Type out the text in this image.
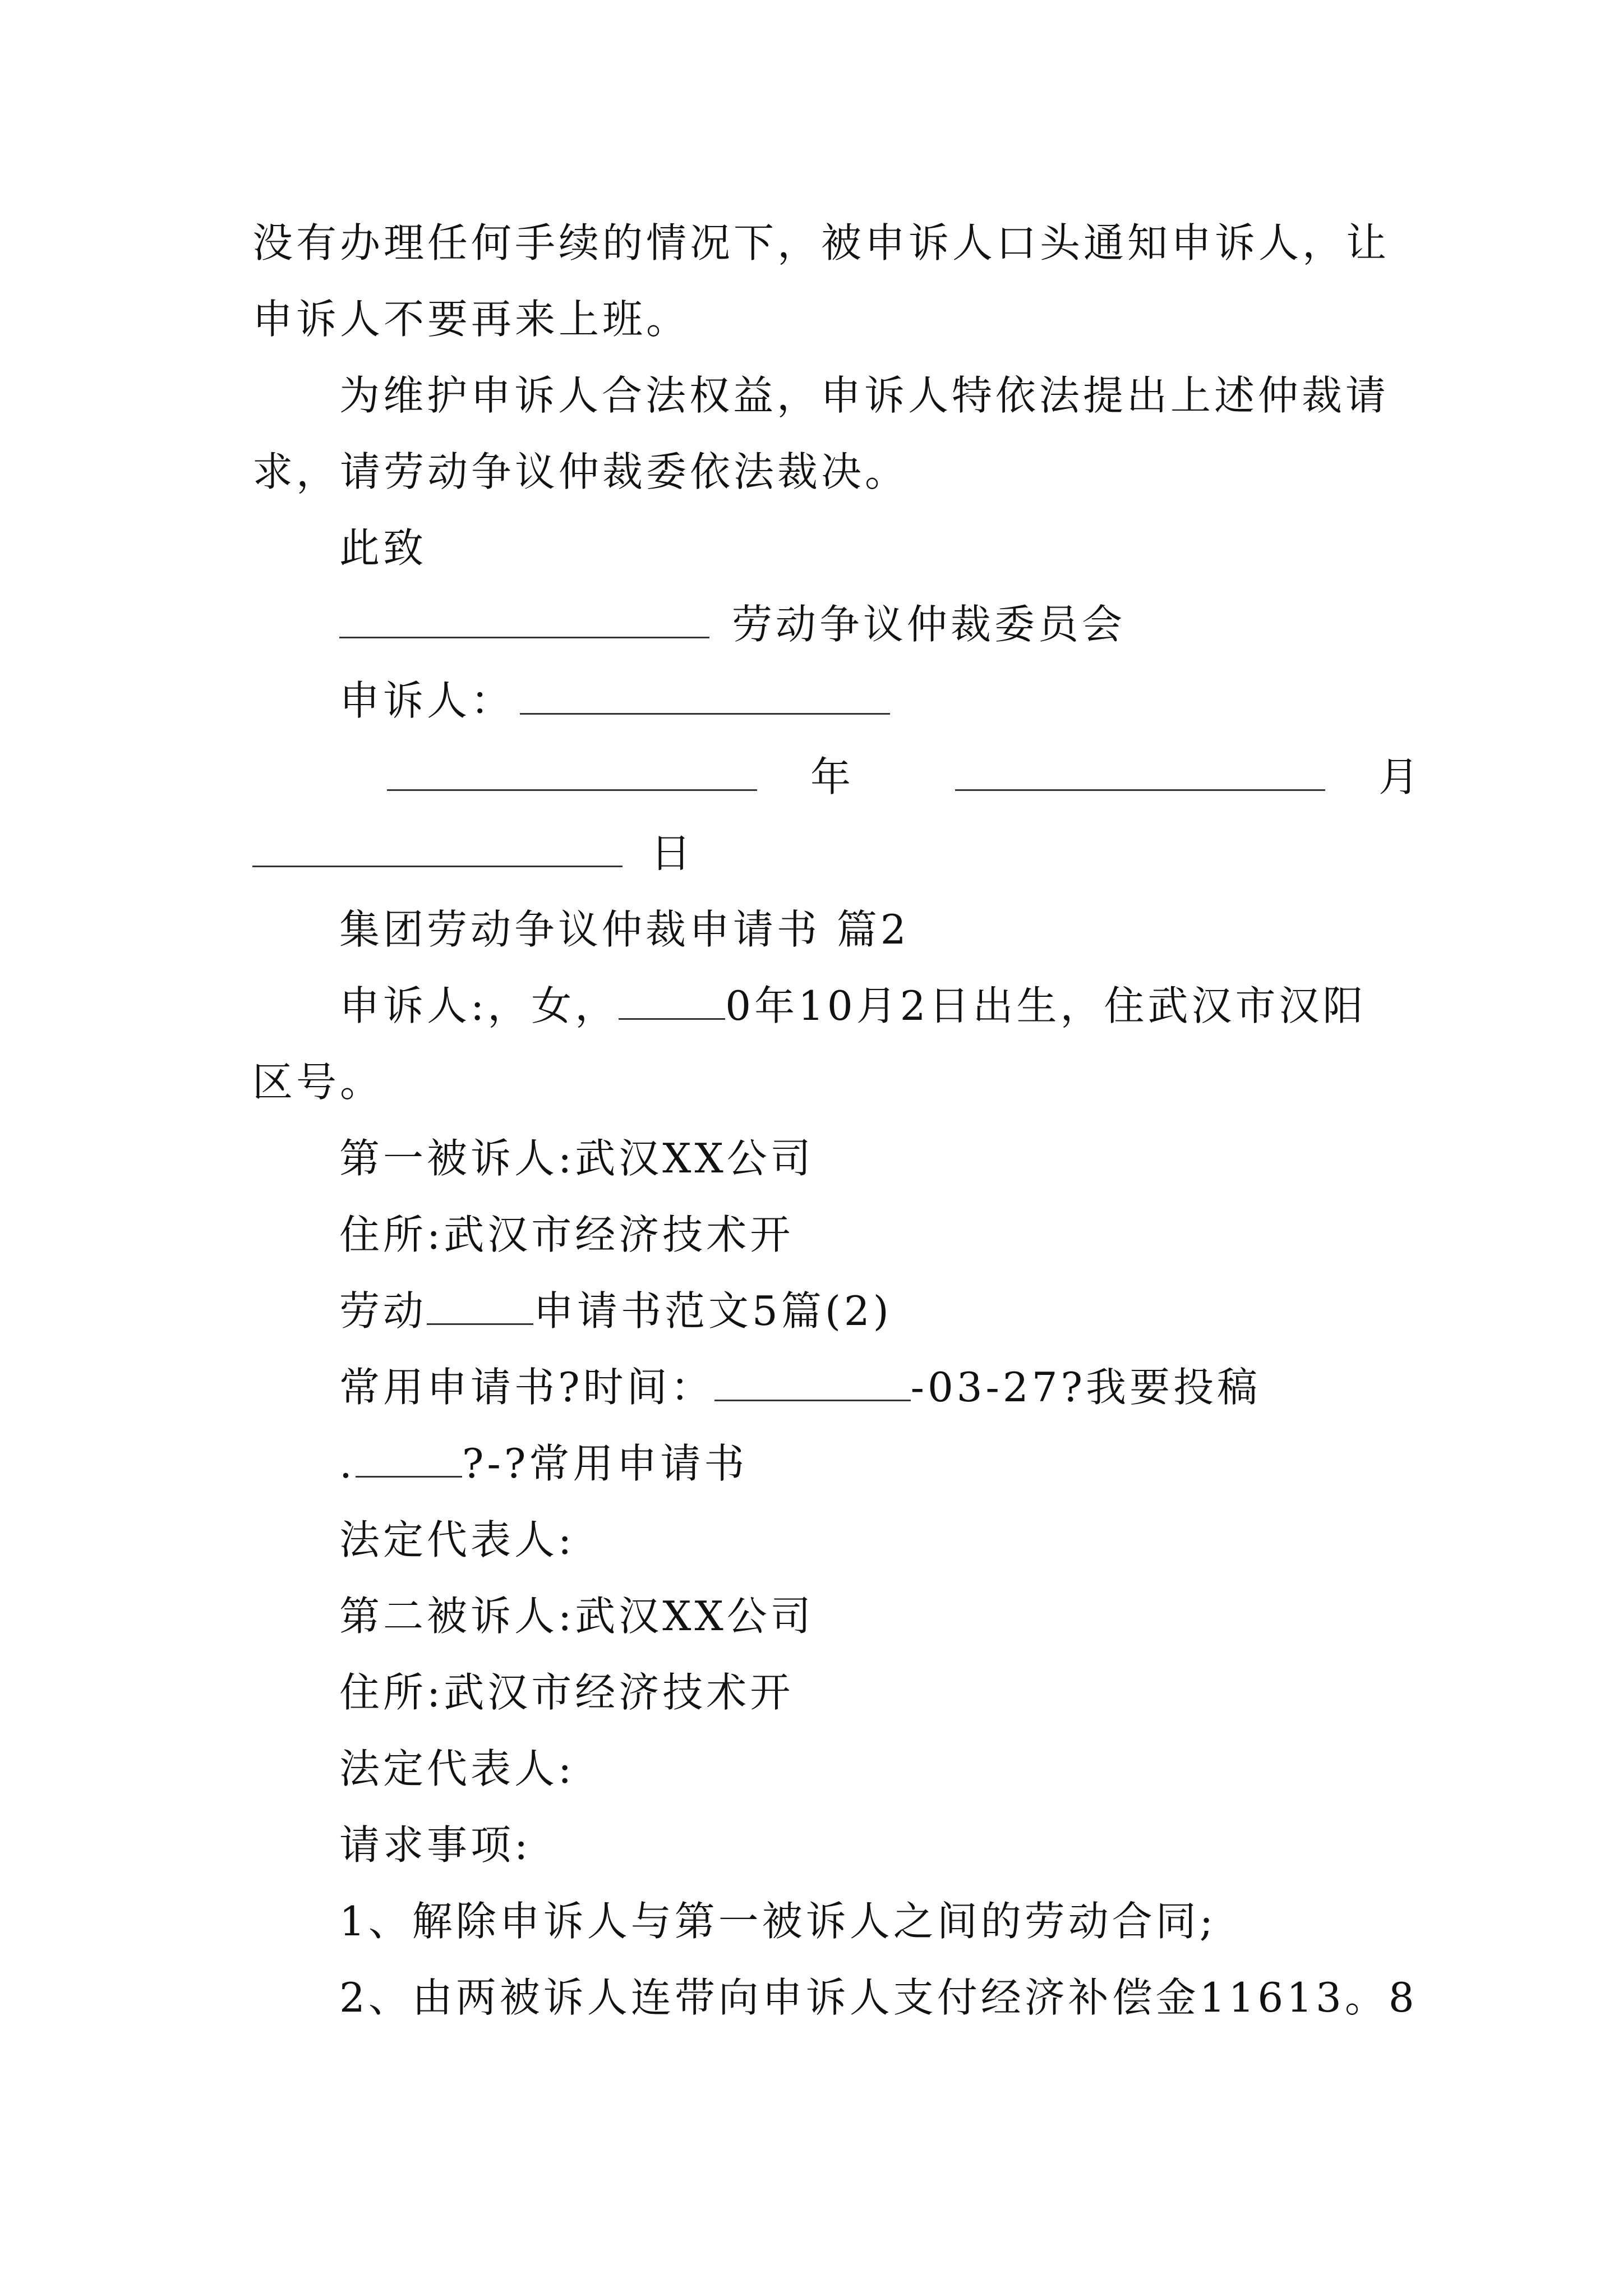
没有办理任何手续的情况下，被申诉人口头通知申诉人，让
申诉人不要再来上班。
为维护申诉人合法权益，申诉人特依法提出上述仲裁请
求，请劳动争议仲裁委依法裁决。
此致
劳动争议仲裁委员会
申诉人：
年	月
日
集团劳动争议仲裁申请书 篇2
申诉人:，女，	0年10月2日出生，住武汉市汉阳
区号。
第一被诉人:武汉XX公司
住所:武汉市经济技术开
劳动	申请书范文5篇(2)
常用申请书?时间：	-03-27?我要投稿
.	?-?常用申请书
法定代表人:
第二被诉人:武汉XX公司
住所:武汉市经济技术开
法定代表人:
请求事项:
1、解除申诉人与第一被诉人之间的劳动合同;
2、由两被诉人连带向申诉人支付经济补偿金11613。8
